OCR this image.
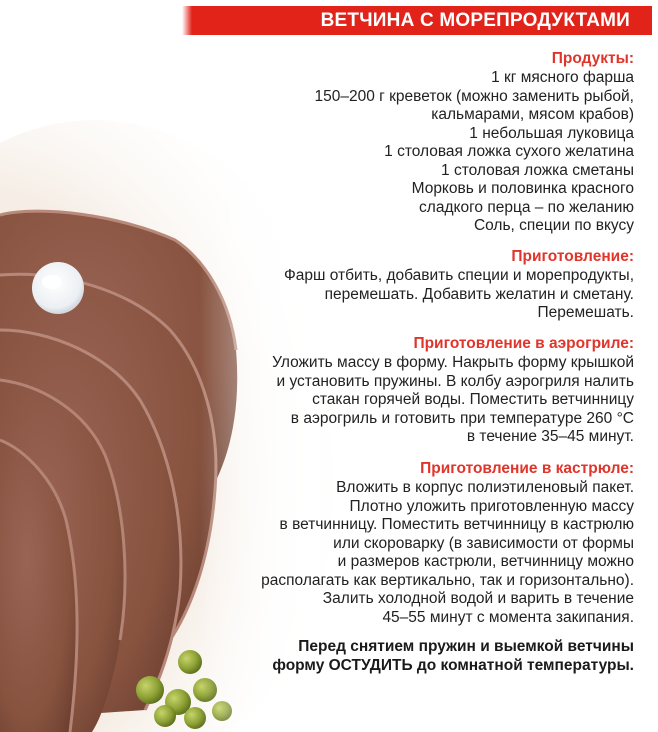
ВЕТЧИНА С МОРЕПРОДУКТАМИ
Продукты:
1 кг мясного фарша
150–200 г креветок (можно заменить рыбой,
кальмарами, мясом крабов)
1 небольшая луковица
1 столовая ложка сухого желатина
1 столовая ложка сметаны
Морковь и половинка красного
сладкого перца – по желанию
Соль, специи по вкусу
Приготовление:
Фарш отбить, добавить специи и морепродукты,
перемешать. Добавить желатин и сметану.
Перемешать.
Приготовление в аэрогриле:
Уложить массу в форму. Накрыть форму крышкой
и установить пружины. В колбу аэрогриля налить
стакан горячей воды. Поместить ветчинницу
в аэрогриль и готовить при температуре 260 °С
в течение 35–45 минут.
Приготовление в кастрюле:
Вложить в корпус полиэтиленовый пакет.
Плотно уложить приготовленную массу
в ветчинницу. Поместить ветчинницу в кастрюлю
или скороварку (в зависимости от формы
и размеров кастрюли, ветчинницу можно
располагать как вертикально, так и горизонтально).
Залить холодной водой и варить в течение
45–55 минут с момента закипания.
Перед снятием пружин и выемкой ветчины
форму ОСТУДИТЬ до комнатной температуры.
